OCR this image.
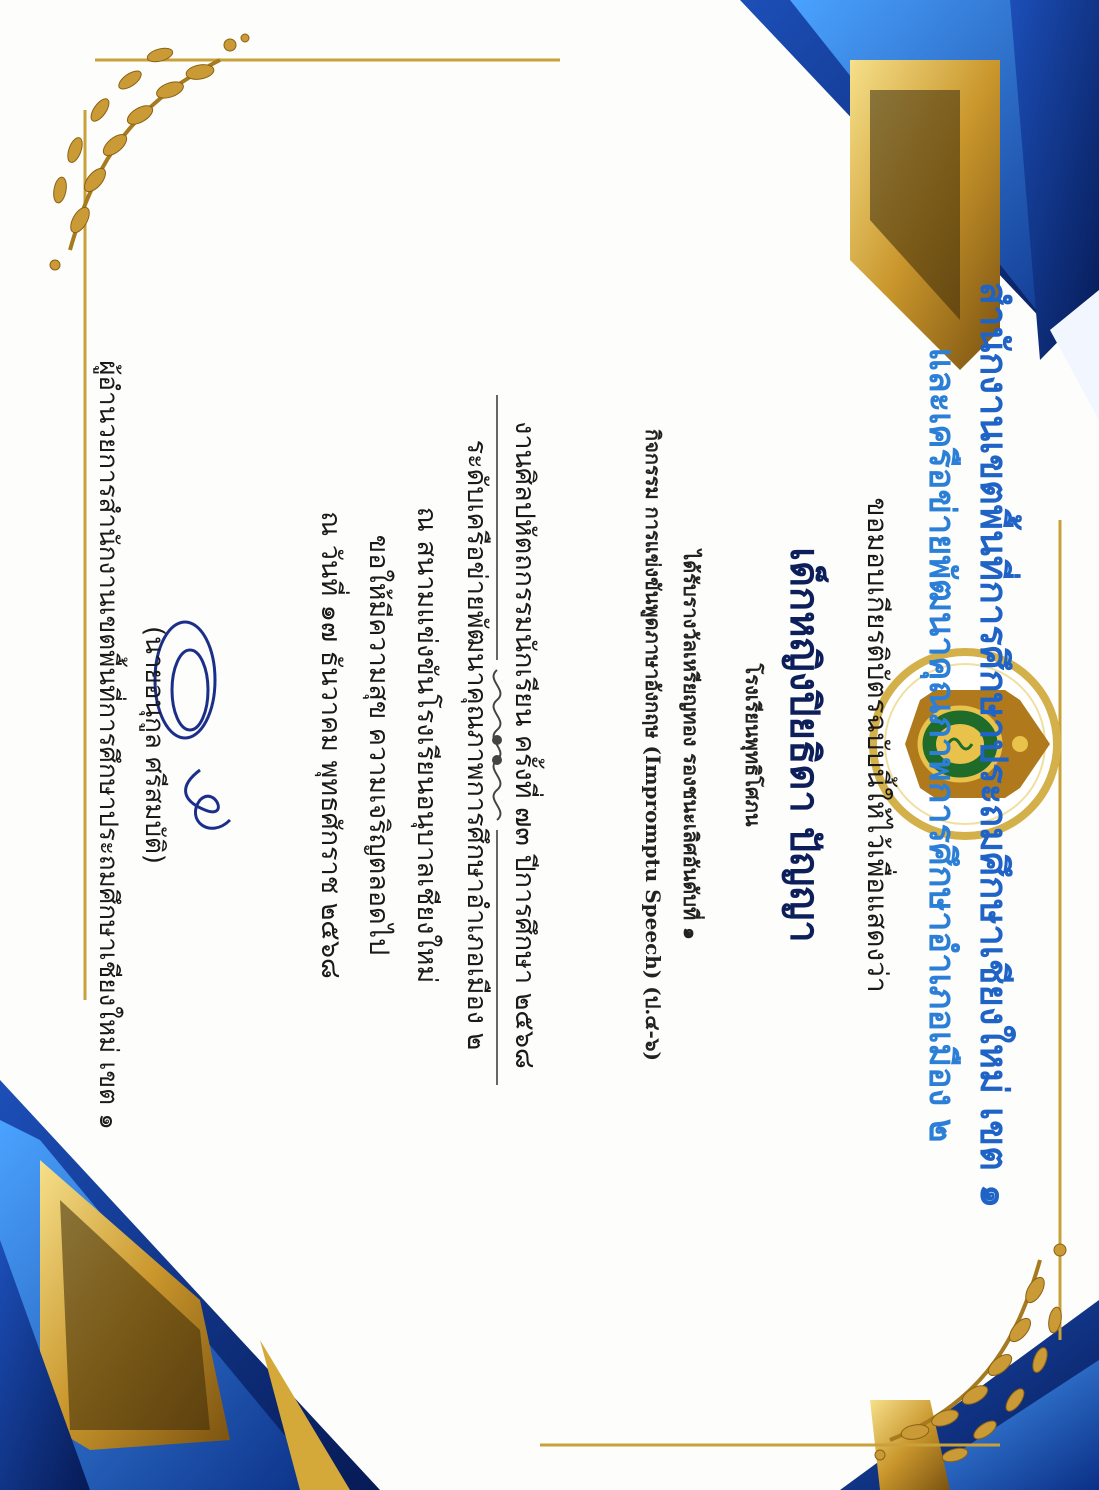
สำนักงานเขตพื้นที่การศึกษาประถมศึกษาเชียงใหม่ เขต ๑
และเครือข่ายพัฒนาคุณภาพการศึกษาอำเภอเมือง ๒
ขอมอบเกียรติบัตรฉบับนี้ให้ไว้เพื่อแสดงว่า
เด็กหญิงปิยธิดา ปัญญา
โรงเรียนพุทธิโศภน
ได้รับรางวัลเหรียญทอง รองชนะเลิศอันดับที่ ๑
กิจกรรม การแข่งขันพูดภาษาอังกฤษ (Impromptu Speech) (ป.๔-๖)
งานศิลปหัตถกรรมนักเรียน ครั้งที่ ๗๓ ปีการศึกษา ๒๕๖๘
ระดับเครือข่ายพัฒนาคุณภาพการศึกษาอำเภอเมือง ๒
ณ สนามแข่งขันโรงเรียนอนุบาลเชียงใหม่
ขอให้มีความสุข ความเจริญตลอดไป
ณ วันที่ ๑๗ ธันวาคม พุทธศักราช ๒๕๖๘
(นายอนุกูล ศรีสมบัติ)
ผู้อำนวยการสำนักงานเขตพื้นที่การศึกษาประถมศึกษาเชียงใหม่ เขต ๑
